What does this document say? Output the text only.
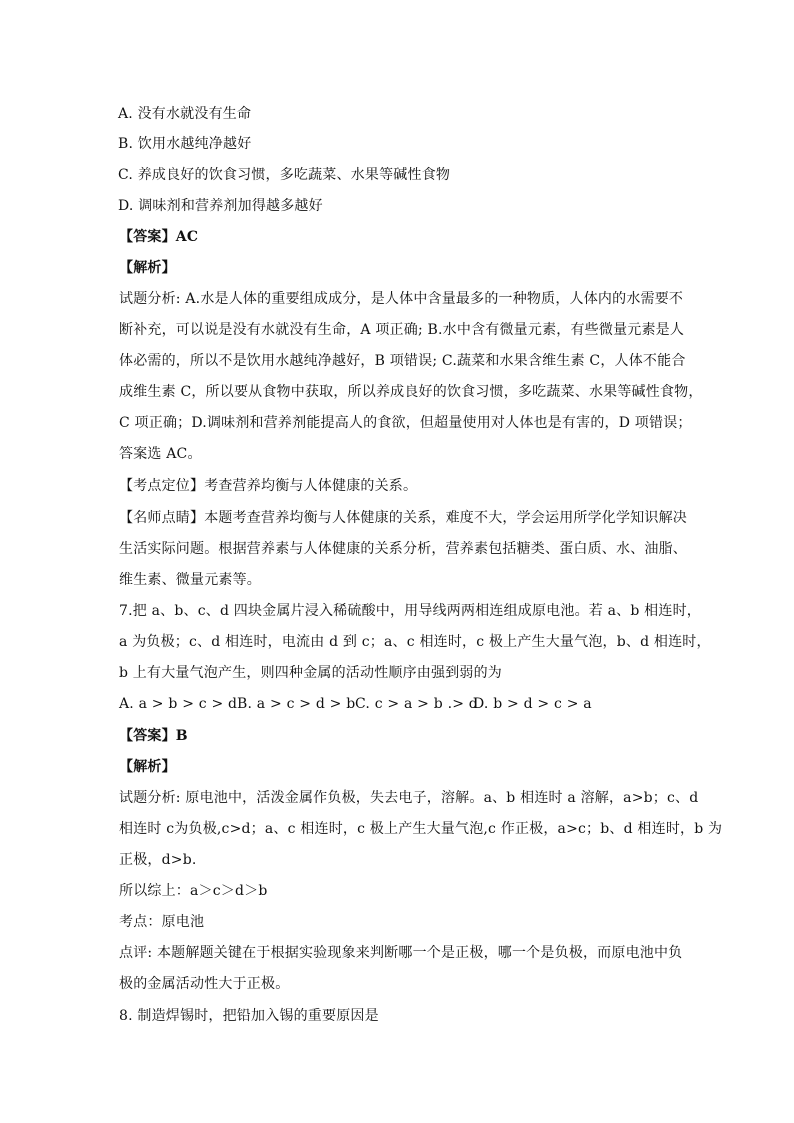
A. 没有水就没有生命
B. 饮用水越纯净越好
C. 养成良好的饮食习惯，多吃蔬菜、水果等碱性食物
D. 调味剂和营养剂加得越多越好
【答案】AC
【解析】
试题分析: A.水是人体的重要组成成分，是人体中含量最多的一种物质，人体内的水需要不
断补充，可以说是没有水就没有生命，A 项正确; B.水中含有微量元素，有些微量元素是人
体必需的，所以不是饮用水越纯净越好，B 项错误; C.蔬菜和水果含维生素 C，人体不能合
成维生素 C，所以要从食物中获取，所以养成良好的饮食习惯，多吃蔬菜、水果等碱性食物，
C 项正确；D.调味剂和营养剂能提高人的食欲，但超量使用对人体也是有害的，D 项错误；
答案选 AC。
【考点定位】考查营养均衡与人体健康的关系。
【名师点睛】本题考查营养均衡与人体健康的关系，难度不大，学会运用所学化学知识解决
生活实际问题。根据营养素与人体健康的关系分析，营养素包括糖类、蛋白质、水、油脂、
维生素、微量元素等。
7.把 a、b、c、d 四块金属片浸入稀硫酸中，用导线两两相连组成原电池。若 a、b 相连时，
a 为负极；c、d 相连时，电流由 d 到 c；a、c 相连时，c 极上产生大量气泡，b、d 相连时，
b 上有大量气泡产生，则四种金属的活动性顺序由强到弱的为
A. a > b > c > dB. a > c > d > bC. c > a > b .> dD. b > d > c > a
【答案】B
【解析】
试题分析: 原电池中，活泼金属作负极，失去电子，溶解。a、b 相连时 a 溶解，a>b；c、d
相连时 c为负极,c>d；a、c 相连时，c 极上产生大量气泡,c 作正极，a>c；b、d 相连时，b 为
正极，d>b.
所以综上：a＞c＞d＞b
考点：原电池
点评: 本题解题关键在于根据实验现象来判断哪一个是正极，哪一个是负极，而原电池中负
极的金属活动性大于正极。
8. 制造焊锡时，把铅加入锡的重要原因是
